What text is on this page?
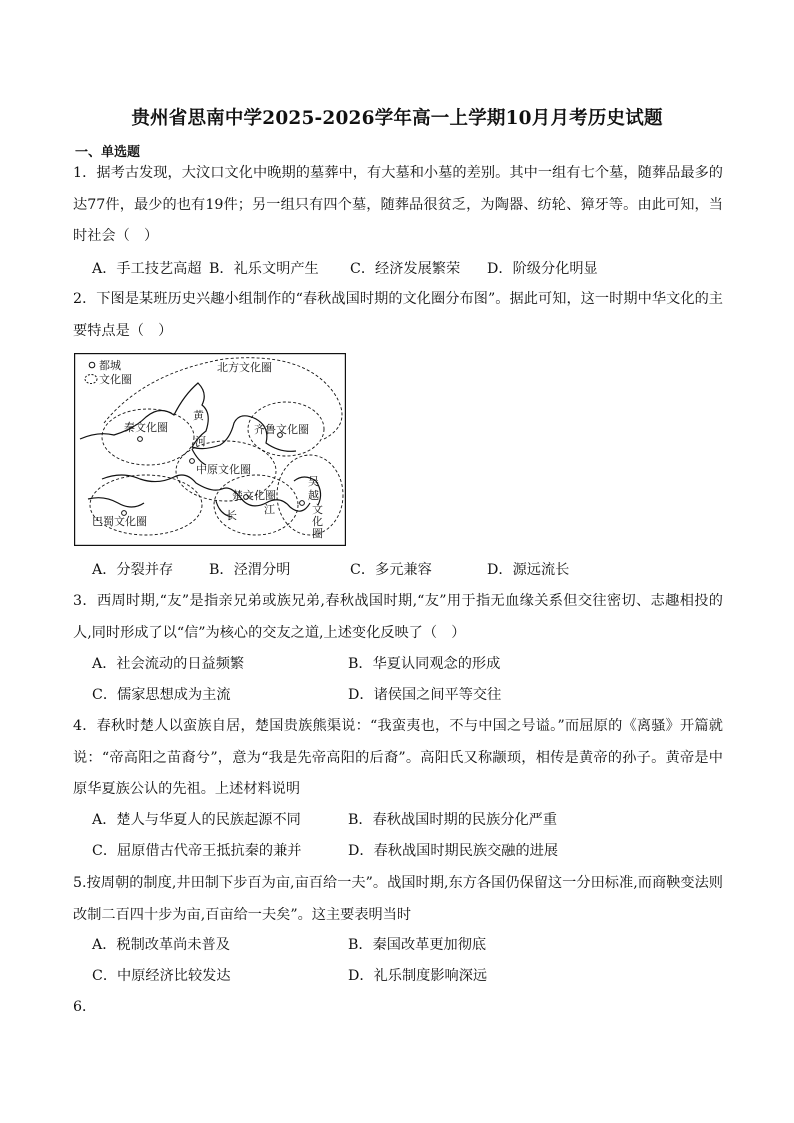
贵州省思南中学2025-2026学年高一上学期10月月考历史试题
一、单选题
1．据考古发现，大汶口文化中晚期的墓葬中，有大墓和小墓的差别。其中一组有七个墓，随葬品最多的达77件，最少的也有19件；另一组只有四个墓，随葬品很贫乏，为陶器、纺轮、獐牙等。由此可知，当时社会（　）
A．手工技艺高超 B．礼乐文明产生 C．经济发展繁荣 D．阶级分化明显
2．下图是某班历史兴趣小组制作的“春秋战国时期的文化圈分布图”。据此可知，这一时期中华文化的主要特点是（　）
都城
文化圈
北方文化圈
秦文化圈
黄
河
齐鲁文化圈
中原文化圈
楚文化圈
长 江
巴蜀文化圈
吴
越
文
化
圈
A．分裂并存	B．泾渭分明	C．多元兼容	D．源远流长
3．西周时期,“友”是指亲兄弟或族兄弟,春秋战国时期,“友”用于指无血缘关系但交往密切、志趣相投的人,同时形成了以“信”为核心的交友之道,上述变化反映了（　）
A．社会流动的日益频繁	B．华夏认同观念的形成
C．儒家思想成为主流	D．诸侯国之间平等交往
4．春秋时楚人以蛮族自居，楚国贵族熊渠说：“我蛮夷也，不与中国之号谥。”而屈原的《离骚》开篇就说：“帝高阳之苗裔兮”，意为“我是先帝高阳的后裔”。高阳氏又称颛顼，相传是黄帝的孙子。黄帝是中原华夏族公认的先祖。上述材料说明
A．楚人与华夏人的民族起源不同	B．春秋战国时期的民族分化严重
C．屈原借古代帝王抵抗秦的兼并	D．春秋战国时期民族交融的进展
5.按周朝的制度,井田制下步百为亩,亩百给一夫”。战国时期,东方各国仍保留这一分田标准,而商鞅变法则改制二百四十步为亩,百亩给一夫矣”。这主要表明当时
A．税制改革尚未普及	B．秦国改革更加彻底
C．中原经济比较发达	D．礼乐制度影响深远
6．
